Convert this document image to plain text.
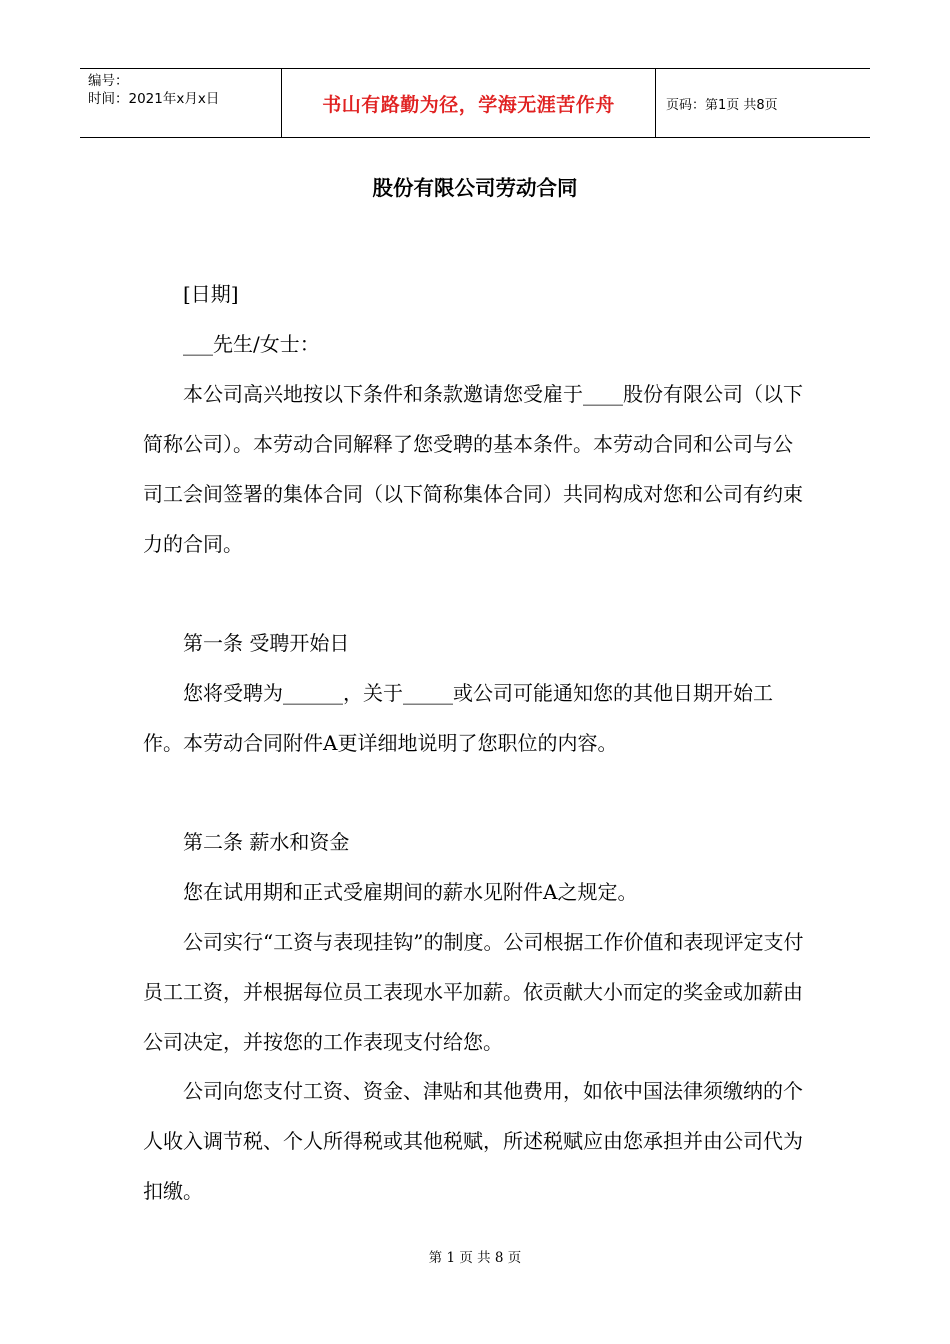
编号：
时间：2021年x月x日	书山有路勤为径，学海无涯苦作舟	页码：第1页 共8页
股份有限公司劳动合同

[日期]

___先生/女士：

本公司高兴地按以下条件和条款邀请您受雇于____股份有限公司（以下简称公司）。本劳动合同解释了您受聘的基本条件。本劳动合同和公司与公司工会间签署的集体合同（以下简称集体合同）共同构成对您和公司有约束力的合同。

第一条 受聘开始日

您将受聘为______，关于_____或公司可能通知您的其他日期开始工作。本劳动合同附件A更详细地说明了您职位的内容。

第二条 薪水和资金

您在试用期和正式受雇期间的薪水见附件A之规定。

公司实行“工资与表现挂钩”的制度。公司根据工作价值和表现评定支付员工工资，并根据每位员工表现水平加薪。依贡献大小而定的奖金或加薪由公司决定，并按您的工作表现支付给您。

公司向您支付工资、资金、津贴和其他费用，如依中国法律须缴纳的个人收入调节税、个人所得税或其他税赋，所述税赋应由您承担并由公司代为扣缴。

第 1 页 共 8 页
